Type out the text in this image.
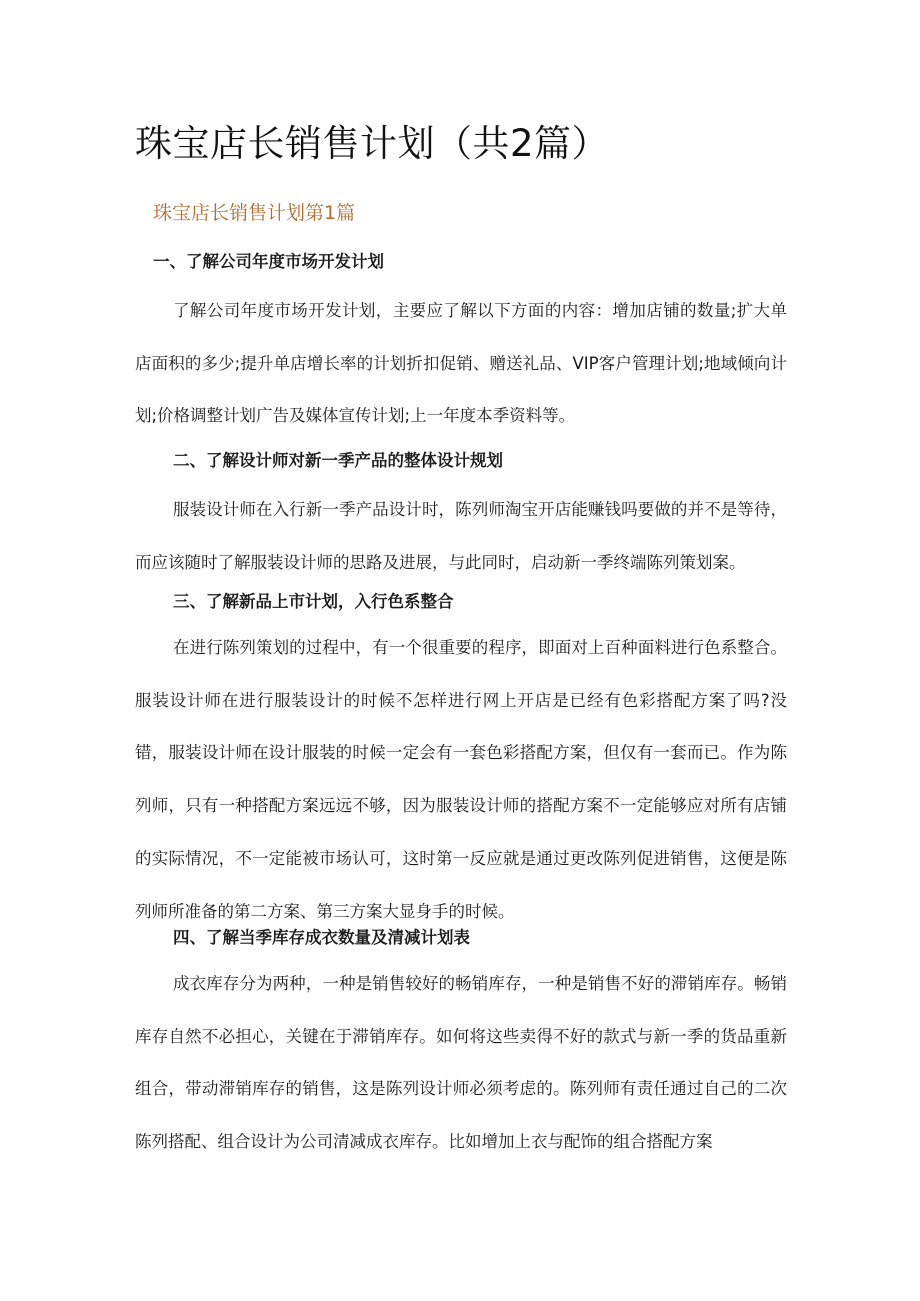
珠宝店长销售计划（共2篇）
珠宝店长销售计划第1篇
一、了解公司年度市场开发计划

了解公司年度市场开发计划，主要应了解以下方面的内容：增加店铺的数量;扩大单店面积的多少;提升单店增长率的计划折扣促销、赠送礼品、VIP客户管理计划;地域倾向计划;价格调整计划广告及媒体宣传计划;上一年度本季资料等。

二、了解设计师对新一季产品的整体设计规划

服装设计师在入行新一季产品设计时，陈列师淘宝开店能赚钱吗要做的并不是等待，而应该随时了解服装设计师的思路及进展，与此同时，启动新一季终端陈列策划案。

三、了解新品上市计划，入行色系整合

在进行陈列策划的过程中，有一个很重要的程序，即面对上百种面料进行色系整合。服装设计师在进行服装设计的时候不怎样进行网上开店是已经有色彩搭配方案了吗?没错，服装设计师在设计服装的时候一定会有一套色彩搭配方案，但仅有一套而已。作为陈列师，只有一种搭配方案远远不够，因为服装设计师的搭配方案不一定能够应对所有店铺的实际情况，不一定能被市场认可，这时第一反应就是通过更改陈列促进销售，这便是陈列师所准备的第二方案、第三方案大显身手的时候。

四、了解当季库存成衣数量及清减计划表

成衣库存分为两种，一种是销售较好的畅销库存，一种是销售不好的滞销库存。畅销库存自然不必担心，关键在于滞销库存。如何将这些卖得不好的款式与新一季的货品重新组合，带动滞销库存的销售，这是陈列设计师必须考虑的。陈列师有责任通过自己的二次陈列搭配、组合设计为公司清减成衣库存。比如增加上衣与配饰的组合搭配方案
